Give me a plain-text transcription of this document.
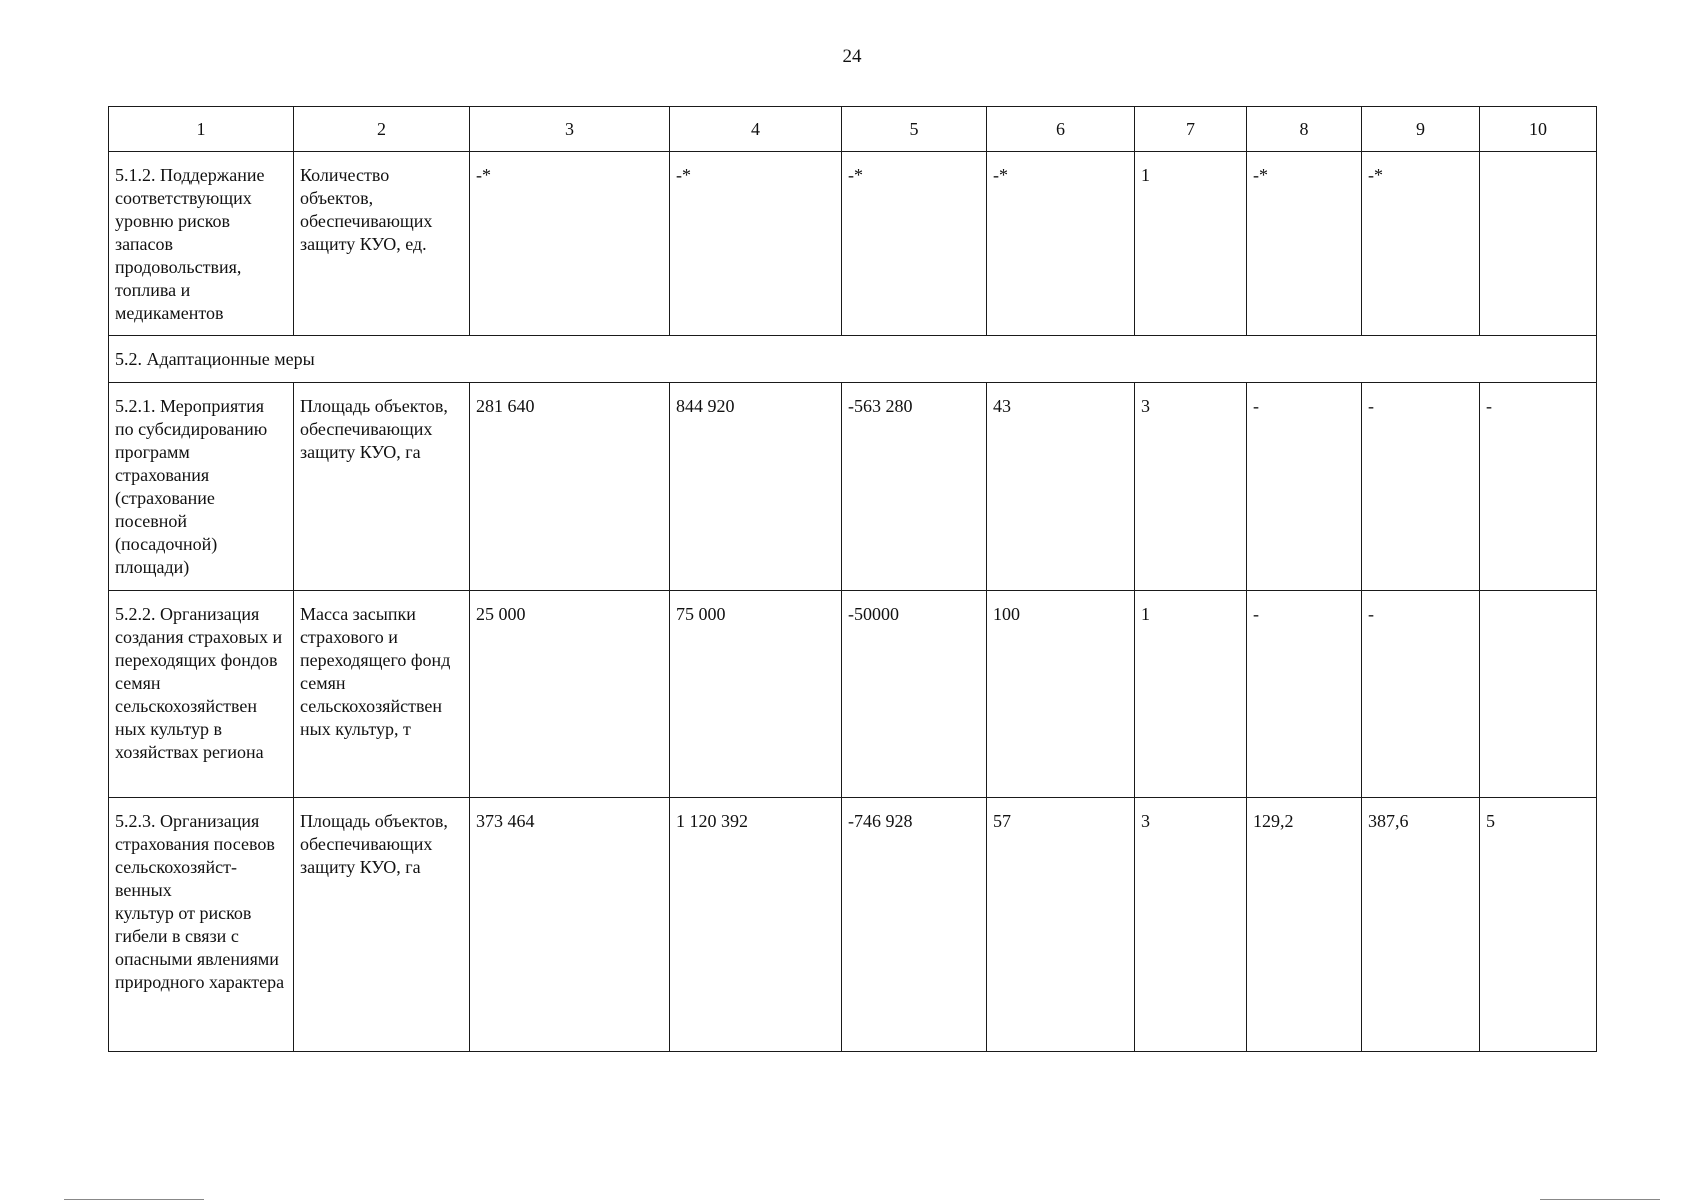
24
1	2	3	4	5	6	7	8	9	10
5.1.2. Поддержание соответствующих уровню рисков запасов продовольствия, топлива и медикаментов	Количество объектов, обеспечивающих защиту КУО, ед.	-*	-*	-*	-*	1	-*	-*	
5.2. Адаптационные меры									
5.2.1. Мероприятия по субсидированию программ страхования (страхование посевной (посадочной) площади)	Площадь объектов, обеспечивающих защиту КУО, га	281 640	844 920	-563 280	43	3	-	-	-
5.2.2. Организация создания страховых и переходящих фондов семян сельскохозяйствен ных культур в хозяйствах региона	Масса засыпки страхового и переходящего фонд семян сельскохозяйствен ных культур, т	25 000	75 000	-50000	100	1	-	-	
5.2.3. Организация страхования посевов сельскохозяйст-
венных
культур от рисков гибели в связи с опасными явлениями природного характера	Площадь объектов, обеспечивающих защиту КУО, га	373 464	1 120 392	-746 928	57	3	129,2	387,6	5
